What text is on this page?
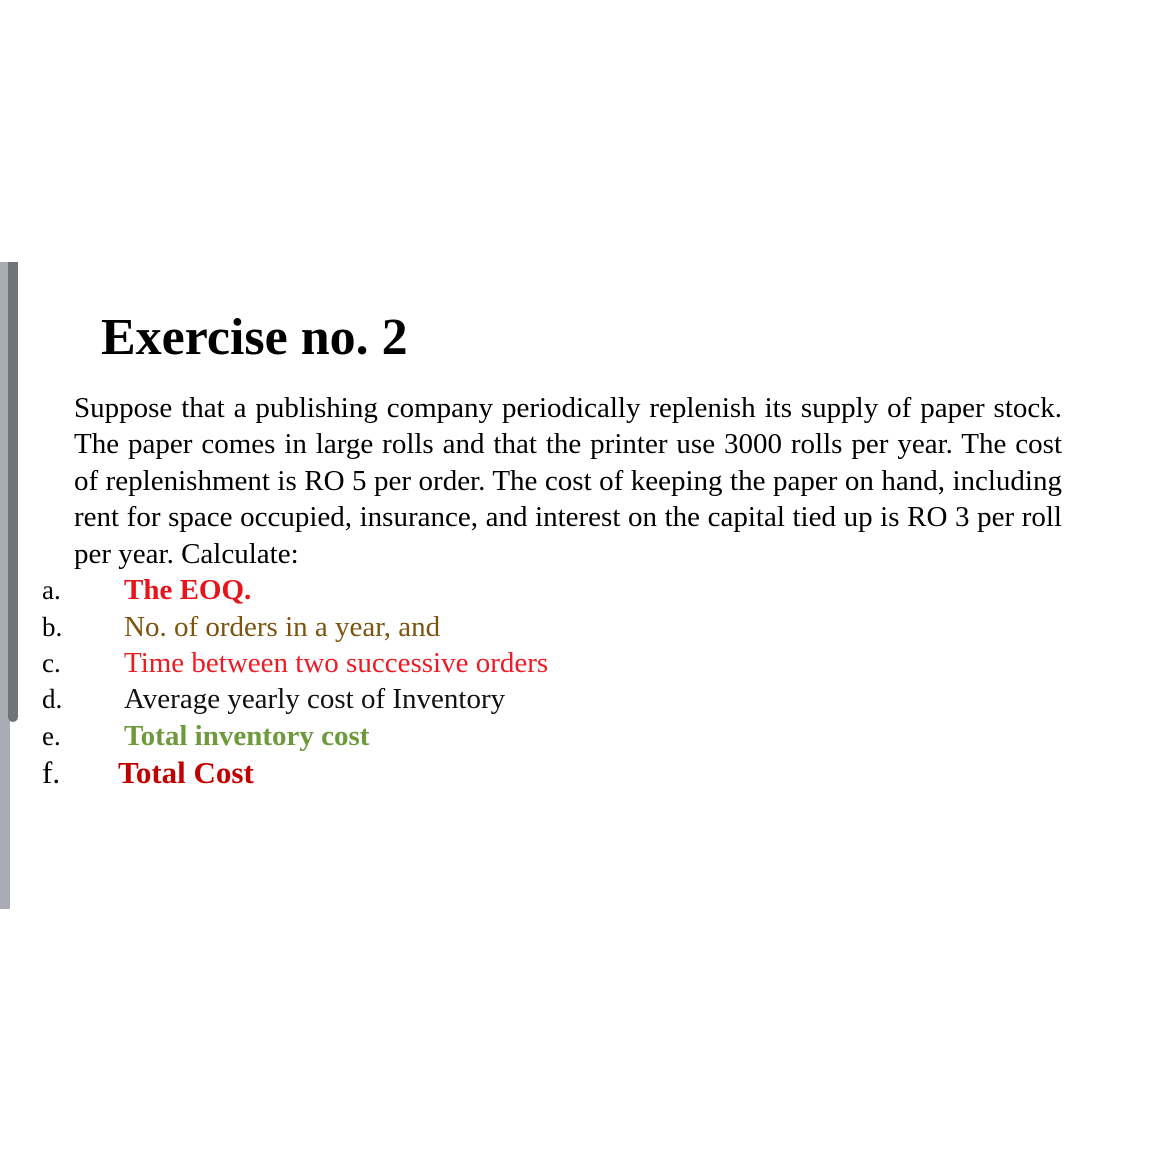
Exercise no. 2

Suppose that a publishing company periodically replenish its supply of paper stock. The paper comes in large rolls and that the printer use 3000 rolls per year. The cost of replenishment is RO 5 per order. The cost of keeping the paper on hand, including rent for space occupied, insurance, and interest on the capital tied up is RO 3 per roll per year. Calculate:

a. The EOQ.
b. No. of orders in a year, and
c. Time between two successive orders
d. Average yearly cost of Inventory
e. Total inventory cost
f. Total Cost
